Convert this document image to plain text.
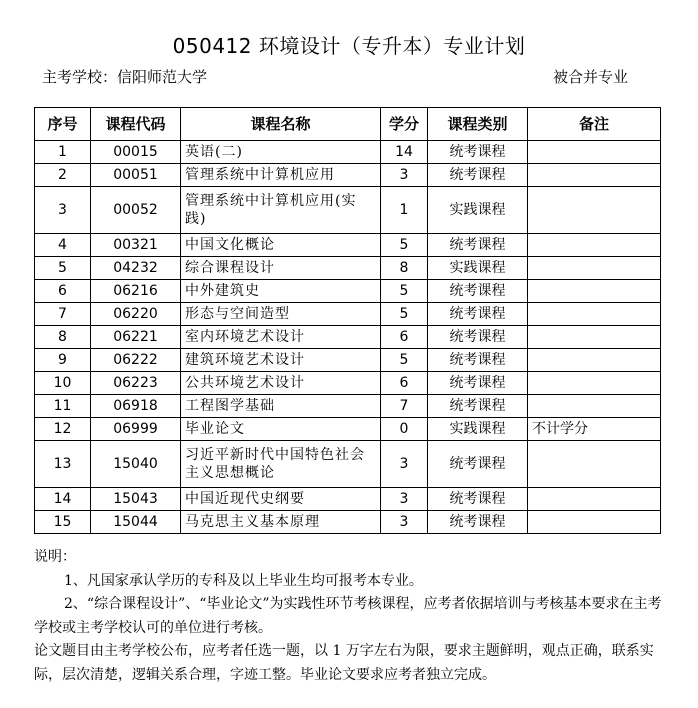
050412 环境设计（专升本）专业计划
主考学校：信阳师范大学	被合并专业
序号	课程代码	课程名称	学分	课程类别	备注
1	00015	英语(二)	14	统考课程	
2	00051	管理系统中计算机应用	3	统考课程	
3	00052	管理系统中计算机应用(实践)	1	实践课程	
4	00321	中国文化概论	5	统考课程	
5	04232	综合课程设计	8	实践课程	
6	06216	中外建筑史	5	统考课程	
7	06220	形态与空间造型	5	统考课程	
8	06221	室内环境艺术设计	6	统考课程	
9	06222	建筑环境艺术设计	5	统考课程	
10	06223	公共环境艺术设计	6	统考课程	
11	06918	工程图学基础	7	统考课程	
12	06999	毕业论文	0	实践课程	不计学分
13	15040	习近平新时代中国特色社会主义思想概论	3	统考课程	
14	15043	中国近现代史纲要	3	统考课程	
15	15044	马克思主义基本原理	3	统考课程	

说明：

1、凡国家承认学历的专科及以上毕业生均可报考本专业。

2、“综合课程设计”、“毕业论文”为实践性环节考核课程，应考者依据培训与考核基本要求在主考学校或主考学校认可的单位进行考核。

论文题目由主考学校公布，应考者任选一题，以 1 万字左右为限，要求主题鲜明，观点正确，联系实际，层次清楚，逻辑关系合理，字迹工整。毕业论文要求应考者独立完成。
